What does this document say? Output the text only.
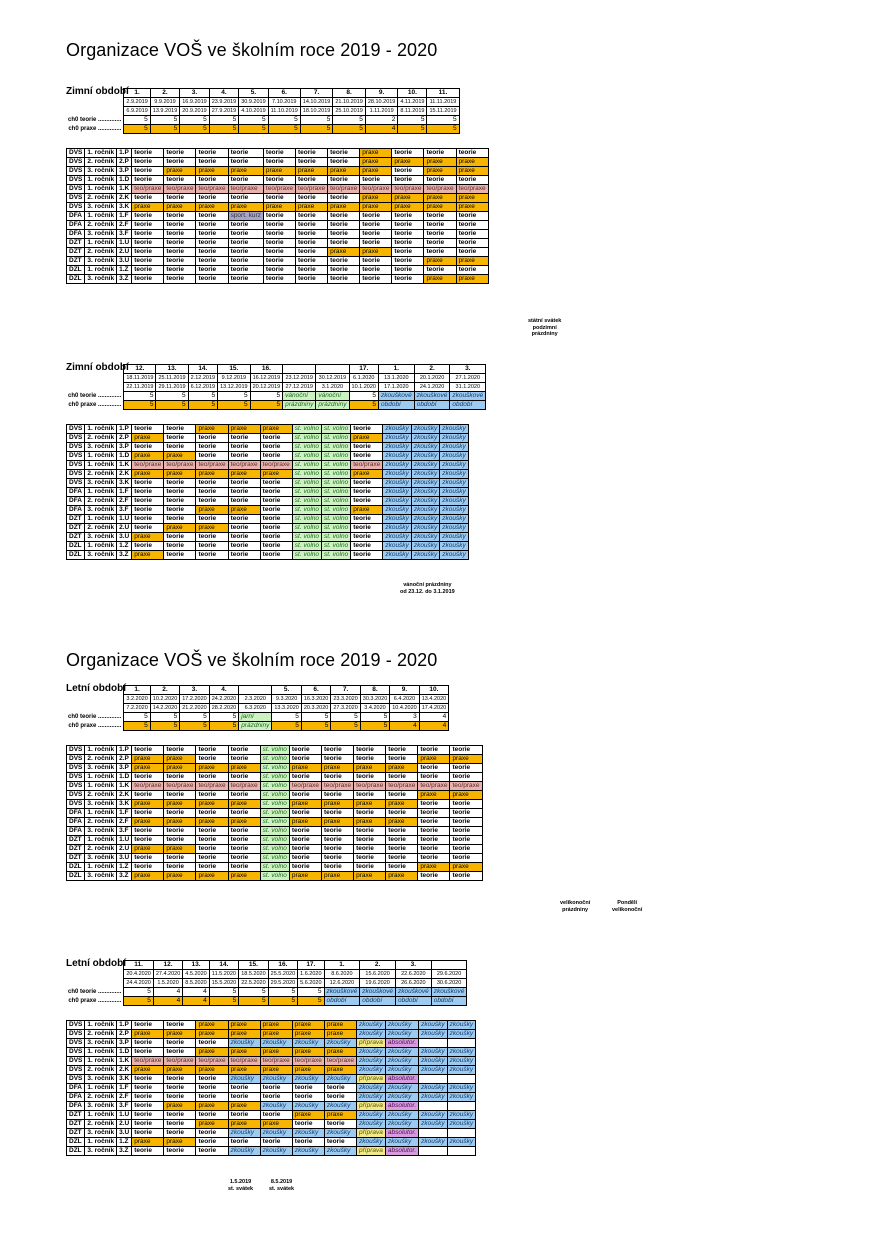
Organizace VOŠ ve školním roce 2019 - 2020
Organizace VOŠ ve školním roce 2019 - 2020
Zimní období
	1.	2.	3.	4.	5.	6.	7.	8.	9.	10.	11.
	2.9.2019	9.9.2019	16.9.2019	23.9.2019	30.9.2019	7.10.2019	14.10.2019	21.10.2019	28.10.2019	4.11.2019	11.11.2019
	6.9.2019	13.9.2019	20.9.2019	27.9.2019	4.10.2019	11.10.2019	18.10.2019	25.10.2019	1.11.2019	8.11.2019	15.11.2019
ch0 teorie ..............	5	5	5	5	5	5	5	5	2	5	5
ch0 praxe ..............	5	5	5	5	5	5	5	5	4	5	5
DVŠ	1. ročník	1.P	teorie	teorie	teorie	teorie	teorie	teorie	teorie	praxe	teorie	teorie	teorie
DVŠ	2. ročník	2.P	teorie	teorie	teorie	teorie	teorie	teorie	teorie	praxe	praxe	praxe	praxe
DVŠ	3. ročník	3.P	teorie	praxe	praxe	praxe	praxe	praxe	praxe	praxe	teorie	praxe	praxe
DVŠ	1. ročník	1.D	teorie	teorie	teorie	teorie	teorie	teorie	teorie	teorie	teorie	teorie	teorie
DVŠ	1. ročník	1.K	teo/praxe	teo/praxe	teo/praxe	teo/praxe	teo/praxe	teo/praxe	teo/praxe	teo/praxe	teo/praxe	teo/praxe	teo/praxe
DVŠ	2. ročník	2.K	teorie	teorie	teorie	teorie	teorie	teorie	teorie	praxe	praxe	praxe	praxe
DVŠ	3. ročník	3.K	praxe	praxe	praxe	praxe	praxe	praxe	praxe	praxe	praxe	praxe	praxe
DFA	1. ročník	1.F	teorie	teorie	teorie	sport. kurz	teorie	teorie	teorie	teorie	teorie	teorie	teorie
DFA	2. ročník	2.F	teorie	teorie	teorie	teorie	teorie	teorie	teorie	teorie	teorie	teorie	teorie
DFA	3. ročník	3.F	teorie	teorie	teorie	teorie	teorie	teorie	teorie	teorie	teorie	teorie	teorie
DZT	1. ročník	1.U	teorie	teorie	teorie	teorie	teorie	teorie	teorie	teorie	teorie	teorie	teorie
DZT	2. ročník	2.U	teorie	teorie	teorie	teorie	teorie	teorie	praxe	praxe	teorie	teorie	teorie
DZT	3. ročník	3.U	teorie	teorie	teorie	teorie	teorie	teorie	teorie	teorie	teorie	praxe	praxe
DZL	1. ročník	1.Z	teorie	teorie	teorie	teorie	teorie	teorie	teorie	teorie	teorie	teorie	teorie
DZL	3. ročník	3.Z	teorie	teorie	teorie	teorie	teorie	teorie	teorie	teorie	teorie	praxe	praxe
Zimní období
	12.	13.	14.	15.	16.			17.	1.	2.	3.
	18.11.2019	25.11.2019	2.12.2019	9.12.2019	16.12.2019	23.12.2019	30.12.2019	6.1.2020	13.1.2020	20.1.2020	27.1.2020
	22.11.2019	29.11.2019	6.12.2019	13.12.2019	20.12.2019	27.12.2019	3.1.2020	10.1.2020	17.1.2020	24.1.2020	31.1.2020
ch0 teorie ..............	5	5	5	5	5	vánoční	vánoční	5	zkouškové	zkouškové	zkouškové
ch0 praxe ..............	5	5	5	5	5	prázdniny	prázdniny	5	období	období	období
DVŠ	1. ročník	1.P	teorie	teorie	praxe	praxe	praxe	st. volno	st. volno	teorie	zkoušky	zkoušky	zkoušky
DVŠ	2. ročník	2.P	praxe	teorie	teorie	teorie	teorie	st. volno	st. volno	praxe	zkoušky	zkoušky	zkoušky
DVŠ	3. ročník	3.P	teorie	teorie	teorie	teorie	teorie	st. volno	st. volno	teorie	zkoušky	zkoušky	zkoušky
DVŠ	1. ročník	1.D	praxe	praxe	teorie	teorie	teorie	st. volno	st. volno	teorie	zkoušky	zkoušky	zkoušky
DVŠ	1. ročník	1.K	teo/praxe	teo/praxe	teo/praxe	teo/praxe	teo/praxe	st. volno	st. volno	teo/praxe	zkoušky	zkoušky	zkoušky
DVŠ	2. ročník	2.K	praxe	praxe	praxe	praxe	praxe	st. volno	st. volno	praxe	zkoušky	zkoušky	zkoušky
DVŠ	3. ročník	3.K	teorie	teorie	teorie	teorie	teorie	st. volno	st. volno	teorie	zkoušky	zkoušky	zkoušky
DFA	1. ročník	1.F	teorie	teorie	teorie	teorie	teorie	st. volno	st. volno	teorie	zkoušky	zkoušky	zkoušky
DFA	2. ročník	2.F	teorie	teorie	teorie	teorie	teorie	st. volno	st. volno	teorie	zkoušky	zkoušky	zkoušky
DFA	3. ročník	3.F	teorie	teorie	praxe	praxe	teorie	st. volno	st. volno	praxe	zkoušky	zkoušky	zkoušky
DZT	1. ročník	1.U	teorie	teorie	teorie	teorie	teorie	st. volno	st. volno	teorie	zkoušky	zkoušky	zkoušky
DZT	2. ročník	2.U	teorie	praxe	praxe	teorie	teorie	st. volno	st. volno	teorie	zkoušky	zkoušky	zkoušky
DZT	3. ročník	3.U	praxe	teorie	teorie	teorie	teorie	st. volno	st. volno	teorie	zkoušky	zkoušky	zkoušky
DZL	1. ročník	1.Z	teorie	teorie	teorie	teorie	teorie	st. volno	st. volno	teorie	zkoušky	zkoušky	zkoušky
DZL	3. ročník	3.Z	praxe	teorie	teorie	teorie	teorie	st. volno	st. volno	teorie	zkoušky	zkoušky	zkoušky
Letní období
	1.	2.	3.	4.		5.	6.	7.	8.	9.	10.
	3.2.2020	10.2.2020	17.2.2020	24.2.2020	2.3.2020	9.3.2020	16.3.2020	23.3.2020	30.3.2020	6.4.2020	13.4.2020
	7.2.2020	14.2.2020	21.2.2020	28.2.2020	6.3.2020	13.3.2020	20.3.2020	27.3.2020	3.4.2020	10.4.2020	17.4.2020
ch0 teorie ..............	5	5	5	5	jarní	5	5	5	5	3	4
ch0 praxe ..............	5	5	5	5	prázdniny	5	5	5	5	4	4
DVŠ	1. ročník	1.P	teorie	teorie	teorie	teorie	st. volno	teorie	teorie	teorie	teorie	teorie	teorie
DVŠ	2. ročník	2.P	praxe	praxe	teorie	teorie	st. volno	teorie	teorie	teorie	teorie	praxe	praxe
DVŠ	3. ročník	3.P	praxe	praxe	praxe	praxe	st. volno	praxe	praxe	praxe	praxe	teorie	teorie
DVŠ	1. ročník	1.D	teorie	teorie	teorie	teorie	st. volno	teorie	teorie	teorie	teorie	teorie	teorie
DVŠ	1. ročník	1.K	teo/praxe	teo/praxe	teo/praxe	teo/praxe	st. volno	teo/praxe	teo/praxe	teo/praxe	teo/praxe	teo/praxe	teo/praxe
DVŠ	2. ročník	2.K	teorie	teorie	teorie	teorie	st. volno	teorie	teorie	teorie	teorie	praxe	praxe
DVŠ	3. ročník	3.K	praxe	praxe	praxe	praxe	st. volno	praxe	praxe	praxe	praxe	teorie	teorie
DFA	1. ročník	1.F	teorie	teorie	teorie	teorie	st. volno	teorie	teorie	teorie	teorie	teorie	teorie
DFA	2. ročník	2.F	praxe	praxe	praxe	praxe	st. volno	praxe	praxe	praxe	praxe	teorie	teorie
DFA	3. ročník	3.F	teorie	teorie	teorie	teorie	st. volno	teorie	teorie	teorie	teorie	teorie	teorie
DZT	1. ročník	1.U	teorie	teorie	teorie	teorie	st. volno	teorie	teorie	teorie	teorie	teorie	teorie
DZT	2. ročník	2.U	praxe	praxe	teorie	teorie	st. volno	teorie	teorie	teorie	teorie	teorie	teorie
DZT	3. ročník	3.U	teorie	teorie	teorie	teorie	st. volno	teorie	teorie	teorie	teorie	teorie	teorie
DZL	1. ročník	1.Z	teorie	teorie	teorie	teorie	st. volno	teorie	teorie	teorie	teorie	praxe	praxe
DZL	3. ročník	3.Z	praxe	praxe	praxe	praxe	st. volno	praxe	praxe	praxe	praxe	teorie	teorie
Letní období
	11.	12.	13.	14.	15.	16.	17.	1.	2.	3.	
	20.4.2020	27.4.2020	4.5.2020	11.5.2020	18.5.2020	25.5.2020	1.6.2020	8.6.2020	15.6.2020	22.6.2020	29.6.2020
	24.4.2020	1.5.2020	8.5.2020	15.5.2020	22.5.2020	29.5.2020	5.6.2020	12.6.2020	19.6.2020	26.6.2020	30.6.2020
ch0 teorie ..............	5	4	4	5	5	5	5	zkouškové	zkouškové	zkouškové	zkouškové
ch0 praxe ..............	5	4	4	5	5	5	5	období	období	období	období
DVŠ	1. ročník	1.P	teorie	teorie	praxe	praxe	praxe	praxe	praxe	zkoušky	zkoušky	zkoušky	zkoušky
DVŠ	2. ročník	2.P	praxe	praxe	praxe	praxe	praxe	praxe	praxe	zkoušky	zkoušky	zkoušky	zkoušky
DVŠ	3. ročník	3.P	teorie	teorie	teorie	zkoušky	zkoušky	zkoušky	zkoušky	příprava	absolutor.		
DVŠ	1. ročník	1.D	teorie	teorie	praxe	praxe	praxe	praxe	praxe	zkoušky	zkoušky	zkoušky	zkoušky
DVŠ	1. ročník	1.K	teo/praxe	teo/praxe	teo/praxe	teo/praxe	teo/praxe	teo/praxe	teo/praxe	zkoušky	zkoušky	zkoušky	zkoušky
DVŠ	2. ročník	2.K	praxe	praxe	praxe	praxe	praxe	praxe	praxe	zkoušky	zkoušky	zkoušky	zkoušky
DVŠ	3. ročník	3.K	teorie	teorie	teorie	zkoušky	zkoušky	zkoušky	zkoušky	příprava	absolutor.		
DFA	1. ročník	1.F	teorie	teorie	teorie	teorie	teorie	teorie	teorie	zkoušky	zkoušky	zkoušky	zkoušky
DFA	2. ročník	2.F	teorie	teorie	teorie	teorie	teorie	teorie	teorie	zkoušky	zkoušky	zkoušky	zkoušky
DFA	3. ročník	3.F	teorie	praxe	praxe	praxe	zkoušky	zkoušky	zkoušky	příprava	absolutor.		
DZT	1. ročník	1.U	teorie	teorie	teorie	teorie	teorie	praxe	praxe	zkoušky	zkoušky	zkoušky	zkoušky
DZT	2. ročník	2.U	teorie	teorie	praxe	praxe	praxe	teorie	teorie	zkoušky	zkoušky	zkoušky	zkoušky
DZT	3. ročník	3.U	teorie	teorie	teorie	zkoušky	zkoušky	zkoušky	zkoušky	příprava	absolutor.		
DZL	1. ročník	1.Z	praxe	praxe	teorie	teorie	teorie	teorie	teorie	zkoušky	zkoušky	zkoušky	zkoušky
DZL	3. ročník	3.Z	teorie	teorie	teorie	zkoušky	zkoušky	zkoušky	zkoušky	příprava	absolutor.		
státní svátek
podzimní
prázdniny
vánoční prázdniny
od 23.12. do 3.1.2019
velikonoční
prázdniny
Pondělí
velikonoční
1.5.2019
st. svátek
8.5.2019
st. svátek
